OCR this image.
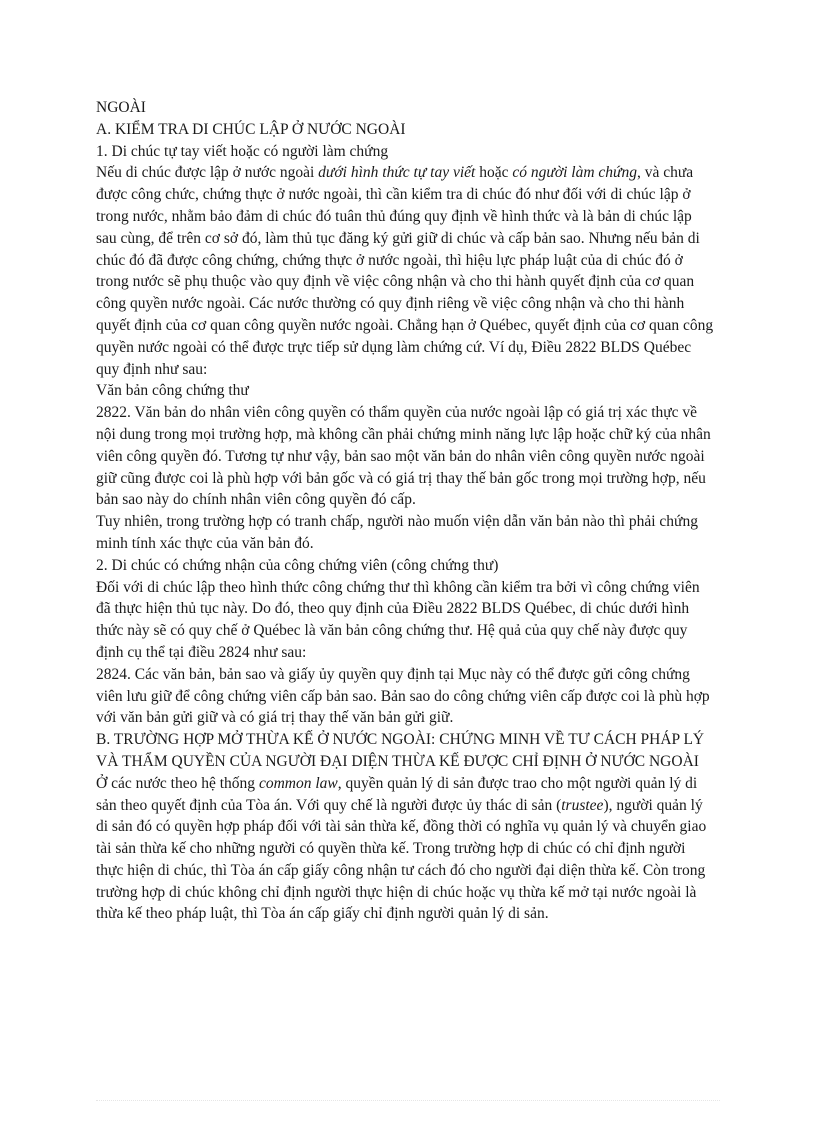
NGOÀI

A. KIỂM TRA DI CHÚC LẬP Ở NƯỚC NGOÀI

1. Di chúc tự tay viết hoặc có người làm chứng

Nếu di chúc được lập ở nước ngoài dưới hình thức tự tay viết hoặc có người làm chứng, và chưa được công chức, chứng thực ở nước ngoài, thì cần kiểm tra di chúc đó như đối với di chúc lập ở trong nước, nhằm bảo đảm di chúc đó tuân thủ đúng quy định về hình thức và là bản di chúc lập sau cùng, để trên cơ sở đó, làm thủ tục đăng ký gửi giữ di chúc và cấp bản sao. Nhưng nếu bản di chúc đó đã được công chứng, chứng thực ở nước ngoài, thì hiệu lực pháp luật của di chúc đó ở trong nước sẽ phụ thuộc vào quy định về việc công nhận và cho thi hành quyết định của cơ quan công quyền nước ngoài. Các nước thường có quy định riêng về việc công nhận và cho thi hành quyết định của cơ quan công quyền nước ngoài. Chẳng hạn ở Québec, quyết định của cơ quan công quyền nước ngoài có thể được trực tiếp sử dụng làm chứng cứ. Ví dụ, Điều 2822 BLDS Québec quy định như sau:

Văn bản công chứng thư

2822. Văn bản do nhân viên công quyền có thẩm quyền của nước ngoài lập có giá trị xác thực về nội dung trong mọi trường hợp, mà không cần phải chứng minh năng lực lập hoặc chữ ký của nhân viên công quyền đó. Tương tự như vậy, bản sao một văn bản do nhân viên công quyền nước ngoài giữ cũng được coi là phù hợp với bản gốc và có giá trị thay thế bản gốc trong mọi trường hợp, nếu bản sao này do chính nhân viên công quyền đó cấp.

Tuy nhiên, trong trường hợp có tranh chấp, người nào muốn viện dẫn văn bản nào thì phải chứng minh tính xác thực của văn bản đó.

2. Di chúc có chứng nhận của công chứng viên (công chứng thư)

Đối với di chúc lập theo hình thức công chứng thư thì không cần kiểm tra bởi vì công chứng viên đã thực hiện thủ tục này. Do đó, theo quy định của Điều 2822 BLDS Québec, di chúc dưới hình thức này sẽ có quy chế ở Québec là văn bản công chứng thư. Hệ quả của quy chế này được quy định cụ thể tại điều 2824 như sau:

2824. Các văn bản, bản sao và giấy ủy quyền quy định tại Mục này có thể được gửi công chứng viên lưu giữ để công chứng viên cấp bản sao. Bản sao do công chứng viên cấp được coi là phù hợp với văn bản gửi giữ và có giá trị thay thế văn bản gửi giữ.

B. TRƯỜNG HỢP MỞ THỪA KẾ Ở NƯỚC NGOÀI: CHỨNG MINH VỀ TƯ CÁCH PHÁP LÝ

VÀ THẨM QUYỀN CỦA NGƯỜI ĐẠI DIỆN THỪA KẾ ĐƯỢC CHỈ ĐỊNH Ở NƯỚC NGOÀI

Ở các nước theo hệ thống common law, quyền quản lý di sản được trao cho một người quản lý di sản theo quyết định của Tòa án. Với quy chế là người được ủy thác di sản (trustee), người quản lý di sản đó có quyền hợp pháp đối với tài sản thừa kế, đồng thời có nghĩa vụ quản lý và chuyển giao tài sản thừa kế cho những người có quyền thừa kế. Trong trường hợp di chúc có chỉ định người thực hiện di chúc, thì Tòa án cấp giấy công nhận tư cách đó cho người đại diện thừa kế. Còn trong trường hợp di chúc không chỉ định người thực hiện di chúc hoặc vụ thừa kế mở tại nước ngoài là thừa kế theo pháp luật, thì Tòa án cấp giấy chỉ định người quản lý di sản.
